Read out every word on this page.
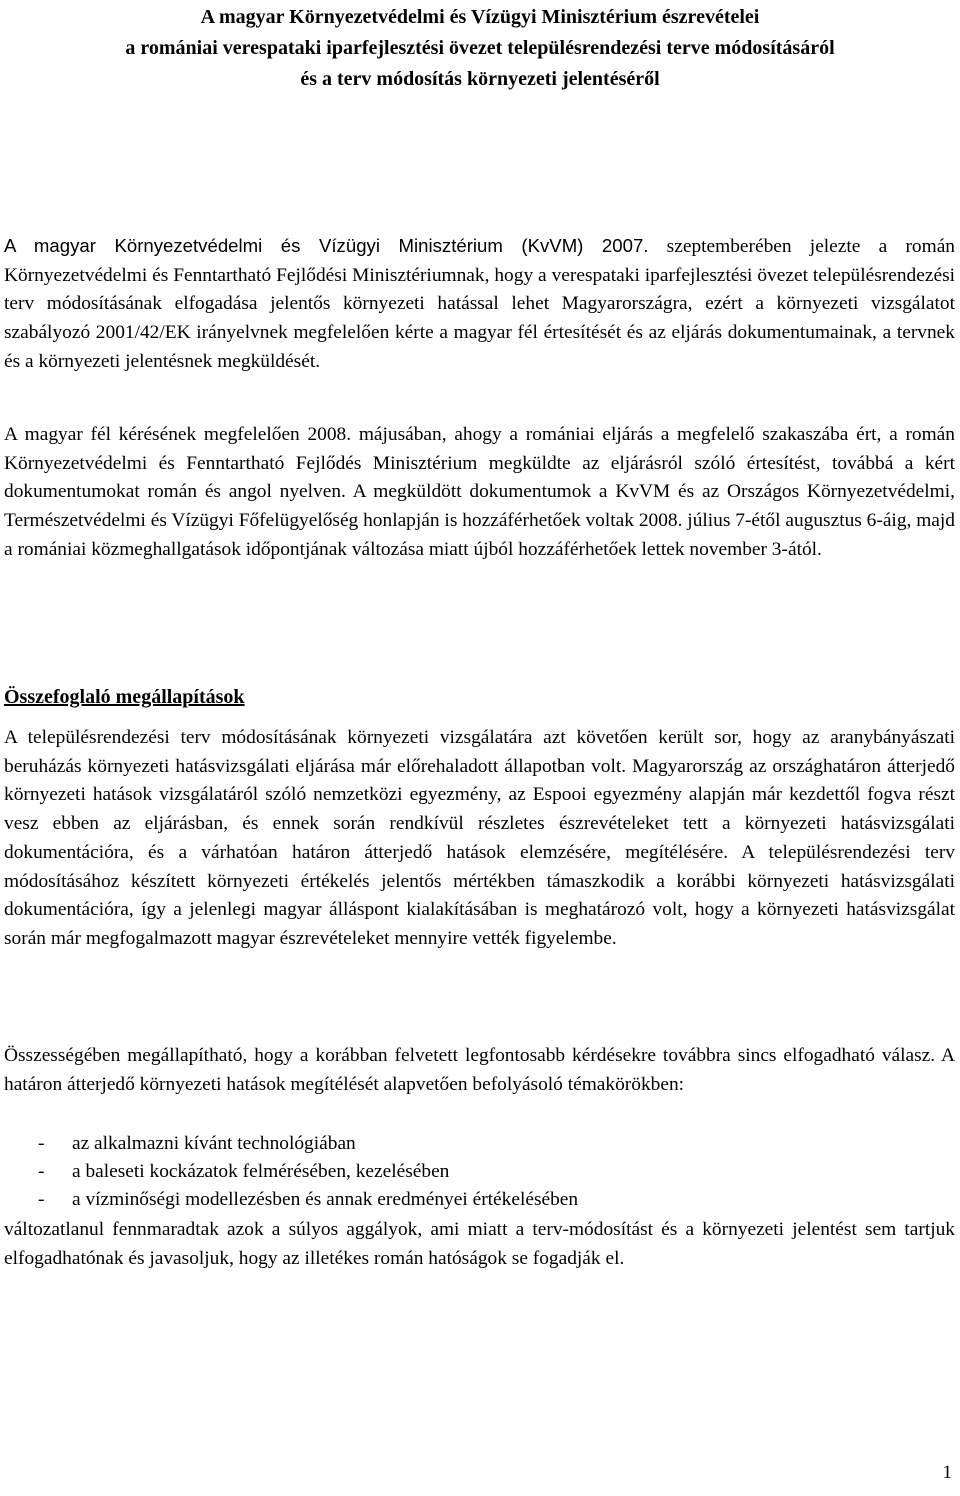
A magyar Környezetvédelmi és Vízügyi Minisztérium észrevételei
a romániai verespataki iparfejlesztési övezet településrendezési terve módosításáról
és a terv módosítás környezeti jelentéséről

A magyar Környezetvédelmi és Vízügyi Minisztérium (KvVM) 2007. szeptemberében jelezte a román Környezetvédelmi és Fenntartható Fejlődési Minisztériumnak, hogy a verespataki iparfejlesztési övezet településrendezési terv módosításának elfogadása jelentős környezeti hatással lehet Magyarországra, ezért a környezeti vizsgálatot szabályozó 2001/42/EK irányelvnek megfelelően kérte a magyar fél értesítését és az eljárás dokumentumainak, a tervnek és a környezeti jelentésnek megküldését.

A magyar fél kérésének megfelelően 2008. májusában, ahogy a romániai eljárás a megfelelő szakaszába ért, a román Környezetvédelmi és Fenntartható Fejlődés Minisztérium megküldte az eljárásról szóló értesítést, továbbá a kért dokumentumokat román és angol nyelven. A megküldött dokumentumok a KvVM és az Országos Környezetvédelmi, Természetvédelmi és Vízügyi Főfelügyelőség honlapján is hozzáférhetőek voltak 2008. július 7-étől augusztus 6-áig, majd a romániai közmeghallgatások időpontjának változása miatt újból hozzáférhetőek lettek november 3-ától.

Összefoglaló megállapítások

A településrendezési terv módosításának környezeti vizsgálatára azt követően került sor, hogy az aranybányászati beruházás környezeti hatásvizsgálati eljárása már előrehaladott állapotban volt. Magyarország az országhatáron átterjedő környezeti hatások vizsgálatáról szóló nemzetközi egyezmény, az Espooi egyezmény alapján már kezdettől fogva részt vesz ebben az eljárásban, és ennek során rendkívül részletes észrevételeket tett a környezeti hatásvizsgálati dokumentációra, és a várhatóan határon átterjedő hatások elemzésére, megítélésére. A településrendezési terv módosításához készített környezeti értékelés jelentős mértékben támaszkodik a korábbi környezeti hatásvizsgálati dokumentációra, így a jelenlegi magyar álláspont kialakításában is meghatározó volt, hogy a környezeti hatásvizsgálat során már megfogalmazott magyar észrevételeket mennyire vették figyelembe.

Összességében megállapítható, hogy a korábban felvetett legfontosabb kérdésekre továbbra sincs elfogadható válasz. A határon átterjedő környezeti hatások megítélését alapvetően befolyásoló témakörökben:

- az alkalmazni kívánt technológiában
- a baleseti kockázatok felmérésében, kezelésében
- a vízminőségi modellezésben és annak eredményei értékelésében

változatlanul fennmaradtak azok a súlyos aggályok, ami miatt a terv-módosítást és a környezeti jelentést sem tartjuk elfogadhatónak és javasoljuk, hogy az illetékes román hatóságok se fogadják el.

1
